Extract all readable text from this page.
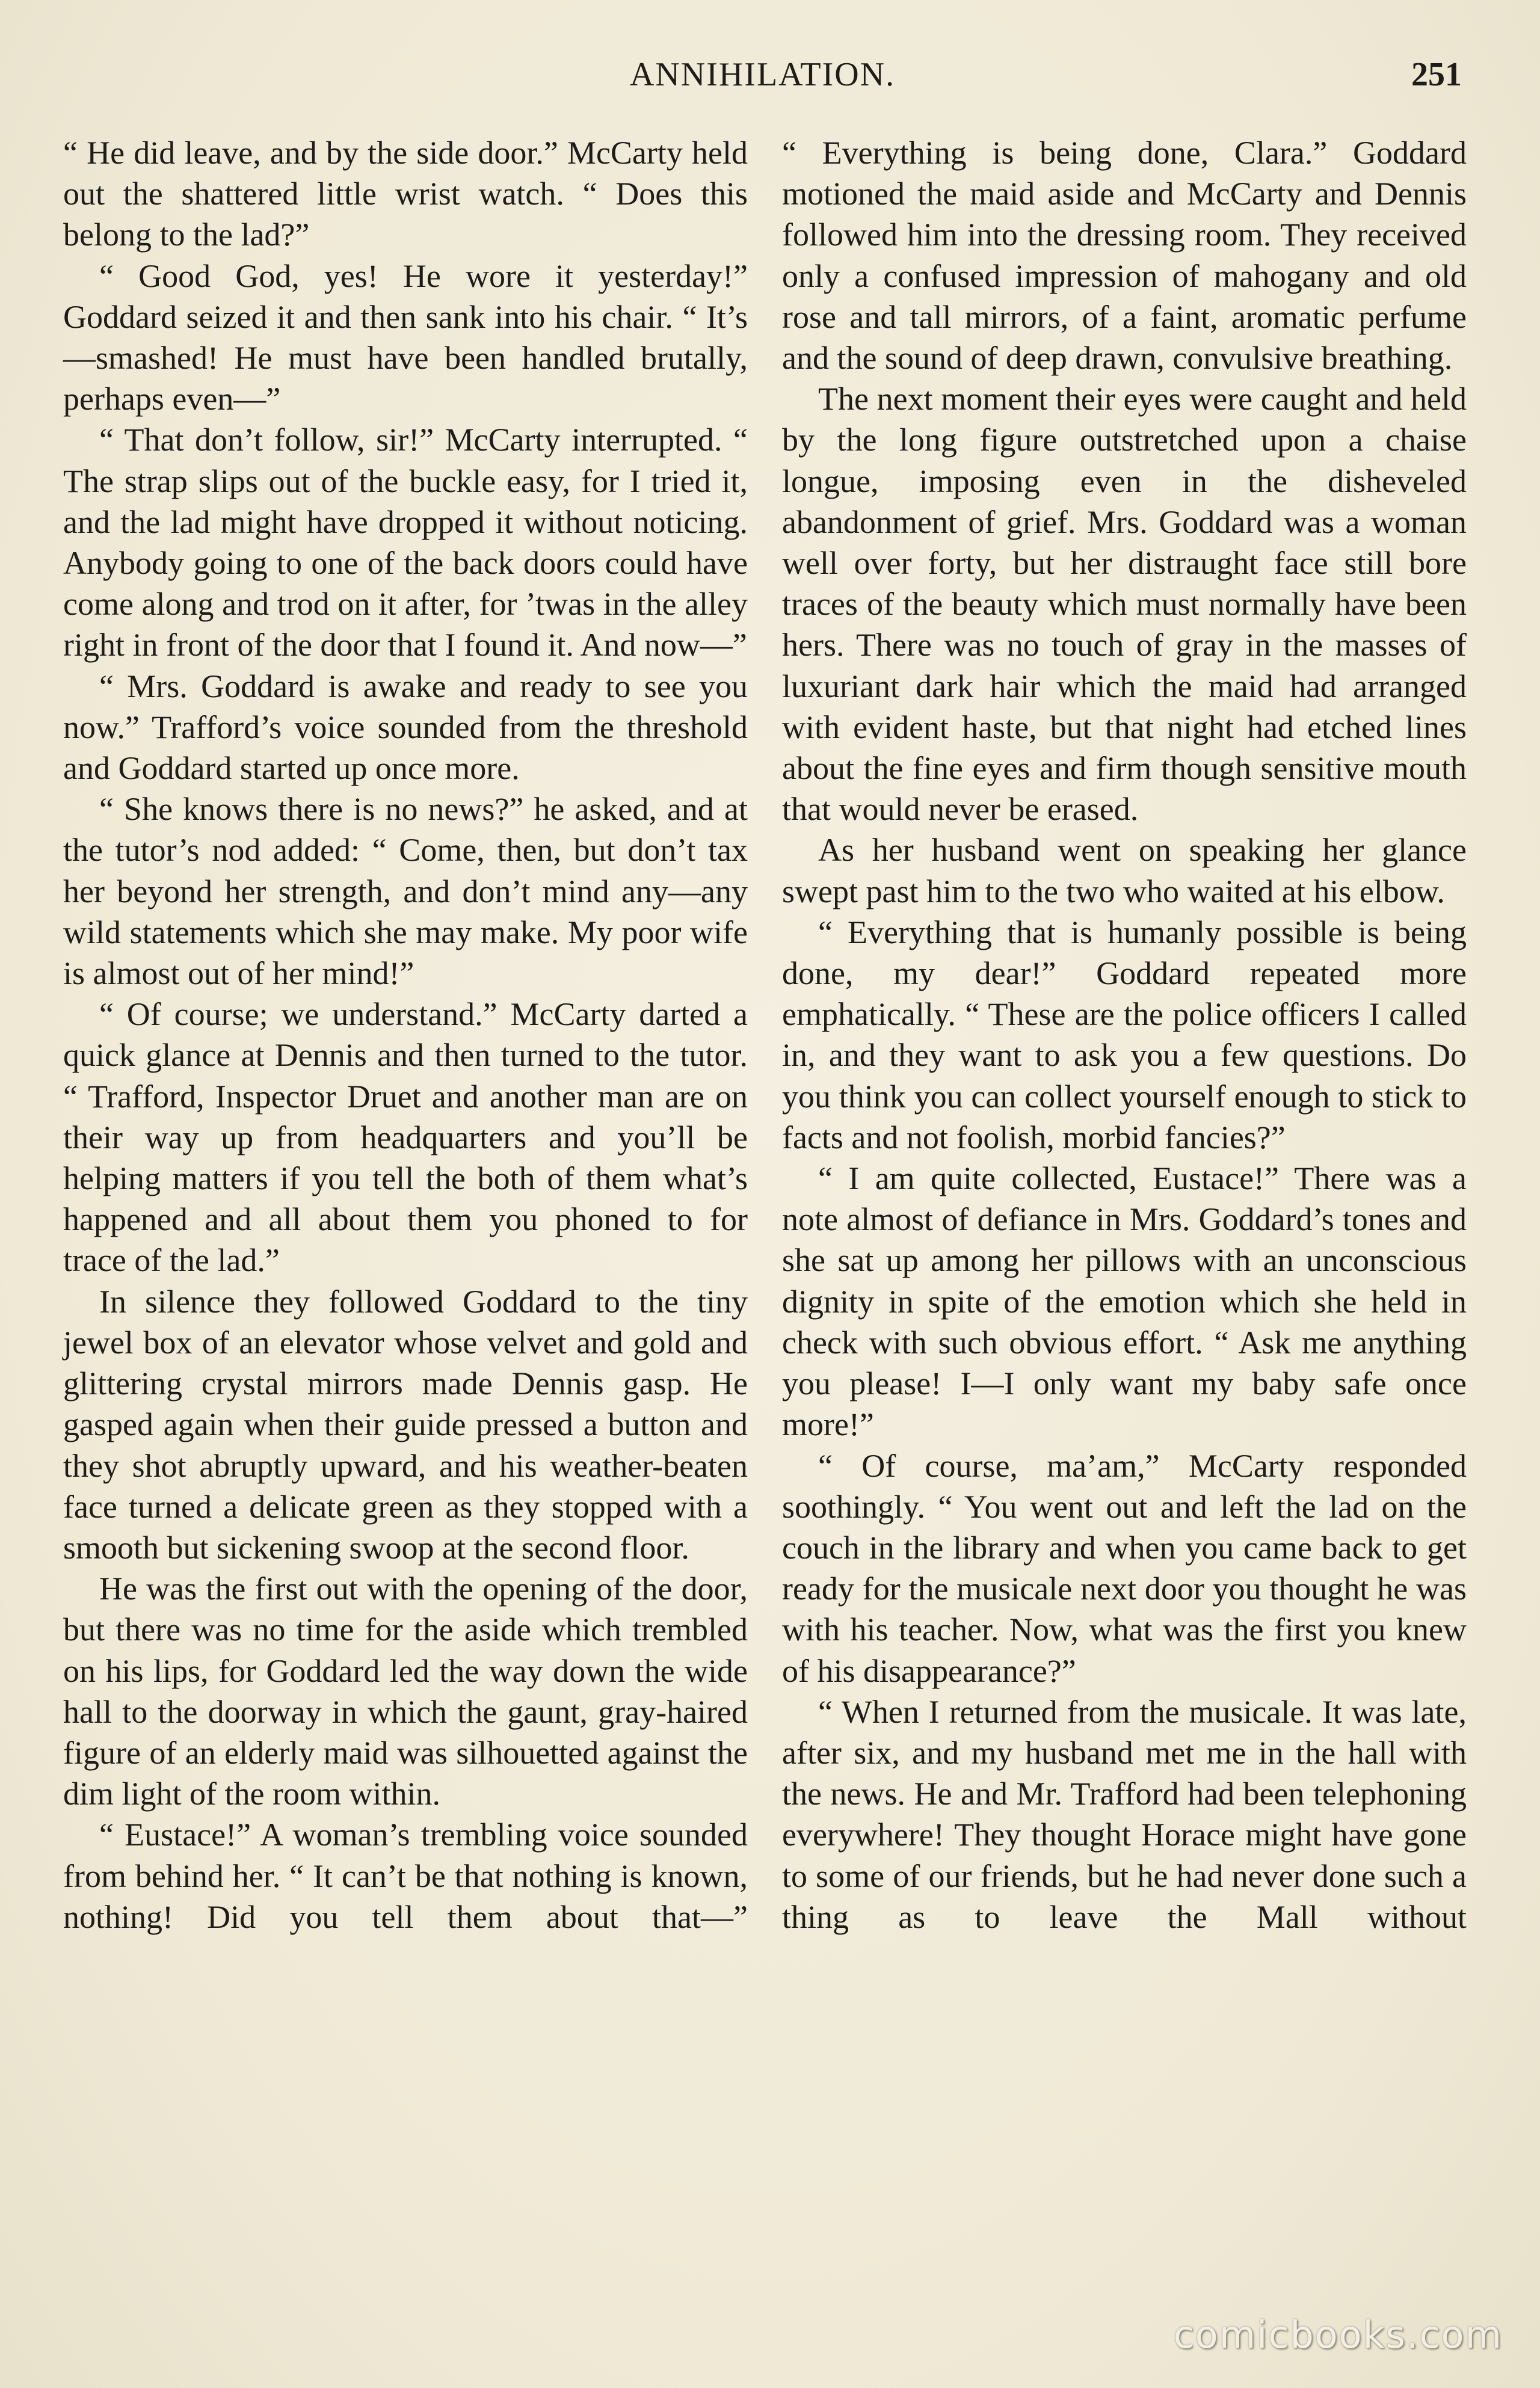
ANNIHILATION.	251

“ He did leave, and by the side door.” McCarty held out the shattered little wrist watch. “ Does this belong to the lad?”

“ Good God, yes! He wore it yesterday!” Goddard seized it and then sank into his chair. “ It’s—smashed! He must have been handled brutally, perhaps even—”

“ That don’t follow, sir!” McCarty interrupted. “ The strap slips out of the buckle easy, for I tried it, and the lad might have dropped it without noticing. Anybody going to one of the back doors could have come along and trod on it after, for ’twas in the alley right in front of the door that I found it. And now—”

“ Mrs. Goddard is awake and ready to see you now.” Trafford’s voice sounded from the threshold and Goddard started up once more.

“ She knows there is no news?” he asked, and at the tutor’s nod added: “ Come, then, but don’t tax her beyond her strength, and don’t mind any—any wild statements which she may make. My poor wife is almost out of her mind!”

“ Of course; we understand.” McCarty darted a quick glance at Dennis and then turned to the tutor. “ Trafford, Inspector Druet and another man are on their way up from headquarters and you’ll be helping matters if you tell the both of them what’s happened and all about them you phoned to for trace of the lad.”

In silence they followed Goddard to the tiny jewel box of an elevator whose velvet and gold and glittering crystal mirrors made Dennis gasp. He gasped again when their guide pressed a button and they shot abruptly upward, and his weather-beaten face turned a delicate green as they stopped with a smooth but sickening swoop at the second floor.

He was the first out with the opening of the door, but there was no time for the aside which trembled on his lips, for Goddard led the way down the wide hall to the doorway in which the gaunt, gray-haired figure of an elderly maid was silhouetted against the dim light of the room within.

“ Eustace!” A woman’s trembling voice sounded from behind her. “ It can’t be that nothing is known, nothing! Did you tell them about that—”

“ Everything is being done, Clara.” Goddard motioned the maid aside and McCarty and Dennis followed him into the dressing room. They received only a confused impression of mahogany and old rose and tall mirrors, of a faint, aromatic perfume and the sound of deep drawn, convulsive breathing.

The next moment their eyes were caught and held by the long figure outstretched upon a chaise longue, imposing even in the disheveled abandonment of grief. Mrs. Goddard was a woman well over forty, but her distraught face still bore traces of the beauty which must normally have been hers. There was no touch of gray in the masses of luxuriant dark hair which the maid had arranged with evident haste, but that night had etched lines about the fine eyes and firm though sensitive mouth that would never be erased.

As her husband went on speaking her glance swept past him to the two who waited at his elbow.

“ Everything that is humanly possible is being done, my dear!” Goddard repeated more emphatically. “ These are the police officers I called in, and they want to ask you a few questions. Do you think you can collect yourself enough to stick to facts and not foolish, morbid fancies?”

“ I am quite collected, Eustace!” There was a note almost of defiance in Mrs. Goddard’s tones and she sat up among her pillows with an unconscious dignity in spite of the emotion which she held in check with such obvious effort. “ Ask me anything you please! I—I only want my baby safe once more!”

“ Of course, ma’am,” McCarty responded soothingly. “ You went out and left the lad on the couch in the library and when you came back to get ready for the musicale next door you thought he was with his teacher. Now, what was the first you knew of his disappearance?”

“ When I returned from the musicale. It was late, after six, and my husband met me in the hall with the news. He and Mr. Trafford had been telephoning everywhere! They thought Horace might have gone to some of our friends, but he had never done such a thing as to leave the Mall without

comicbooks.com
